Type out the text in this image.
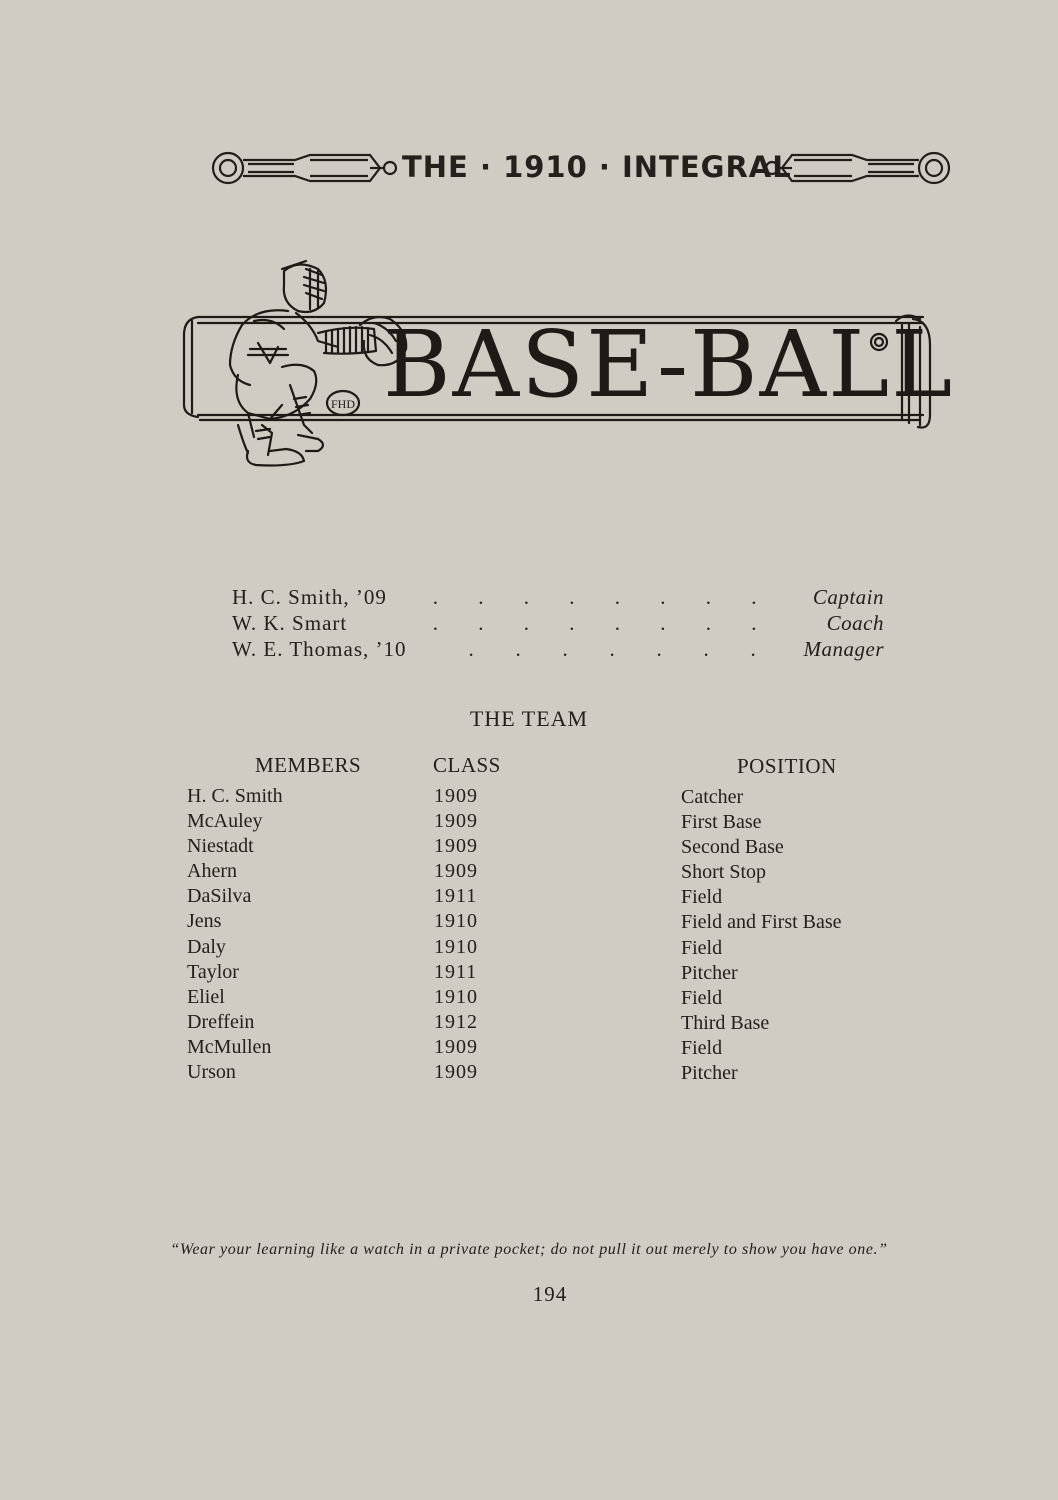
THE · 1910 · INTEGRAL
FHD BASE-BALL
H. C. Smith, ’09 . . . . . . . .	Captain
W. K. Smart	. . . . . . . .	Coach
W. E. Thomas, ’10	. . . . . . . Manager
THE TEAM
MEMBERS	CLASS	POSITION
H. C. Smith	1909	Catcher
McAuley	1909	First Base
Niestadt	1909	Second Base
Ahern	1909	Short Stop
DaSilva	1911	Field
Jens	1910	Field and First Base
Daly	1910	Field
Taylor	1911	Pitcher
Eliel	1910	Field
Dreffein	1912	Third Base
McMullen	1909	Field
Urson	1909	Pitcher
“Wear your learning like a watch in a private pocket; do not pull it out merely to show you have one.”
194
